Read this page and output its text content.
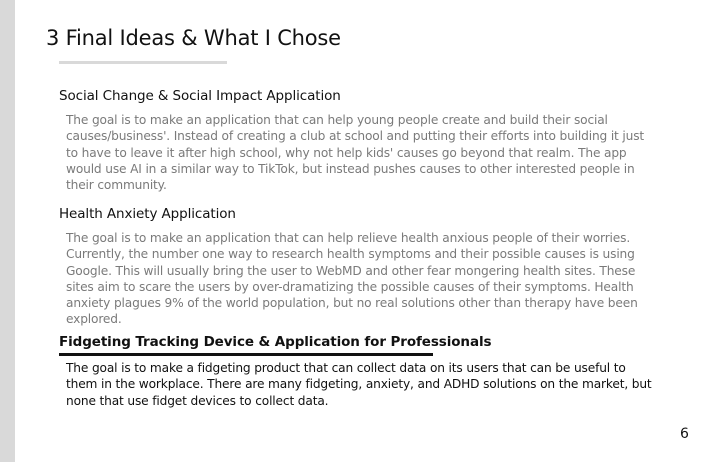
3 Final Ideas & What I Chose
Social Change & Social Impact Application
The goal is to make an application that can help young people create and build their social causes/business'. Instead of creating a club at school and putting their efforts into building it just to have to leave it after high school, why not help kids' causes go beyond that realm. The app would use AI in a similar way to TikTok, but instead pushes causes to other interested people in their community.
Health Anxiety Application
The goal is to make an application that can help relieve health anxious people of their worries. Currently, the number one way to research health symptoms and their possible causes is using Google. This will usually bring the user to WebMD and other fear mongering health sites. These sites aim to scare the users by over-dramatizing the possible causes of their symptoms. Health anxiety plagues 9% of the world population, but no real solutions other than therapy have been explored.
Fidgeting Tracking Device & Application for Professionals
The goal is to make a fidgeting product that can collect data on its users that can be useful to them in the workplace. There are many fidgeting, anxiety, and ADHD solutions on the market, but none that use fidget devices to collect data.
6
